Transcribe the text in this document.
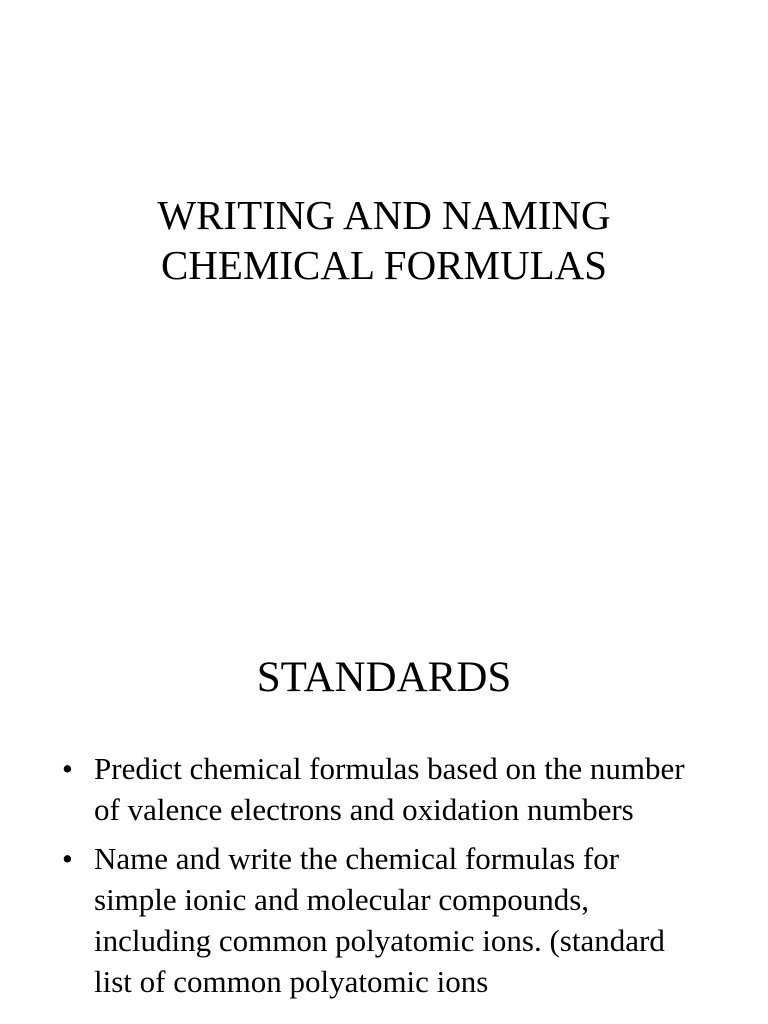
WRITING AND NAMING
CHEMICAL FORMULAS
STANDARDS
• Predict chemical formulas based on the number of valence electrons and oxidation numbers
• Name and write the chemical formulas for simple ionic and molecular compounds, including common polyatomic ions. (standard list of common polyatomic ions
